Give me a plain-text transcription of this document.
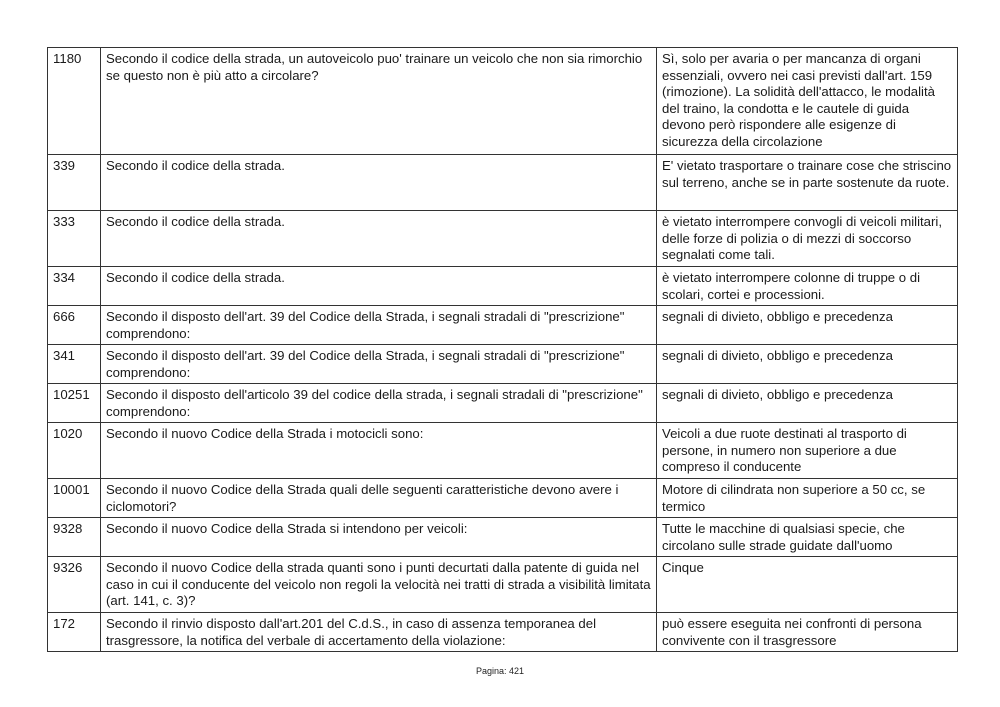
1180	Secondo il codice della strada, un autoveicolo puo' trainare un veicolo che non sia rimorchio se questo non è più atto a circolare?	Sì, solo per avaria o per mancanza di organi essenziali, ovvero nei casi previsti dall'art. 159 (rimozione). La solidità dell'attacco, le modalità del traino, la condotta e le cautele di guida devono però rispondere alle esigenze di sicurezza della circolazione
339	Secondo il codice della strada.	E' vietato trasportare o trainare cose che striscino sul terreno, anche se in parte sostenute da ruote.
333	Secondo il codice della strada.	è vietato interrompere convogli di veicoli militari, delle forze di polizia o di mezzi di soccorso segnalati come tali.
334	Secondo il codice della strada.	è vietato interrompere colonne di truppe o di scolari, cortei e processioni.
666	Secondo il disposto dell'art. 39 del Codice della Strada, i segnali stradali di "prescrizione" comprendono:	segnali di divieto, obbligo e precedenza
341	Secondo il disposto dell'art. 39 del Codice della Strada, i segnali stradali di "prescrizione" comprendono:	segnali di divieto, obbligo e precedenza
10251	Secondo il disposto dell'articolo 39 del codice della strada, i segnali stradali di "prescrizione" comprendono:	segnali di divieto, obbligo e precedenza
1020	Secondo il nuovo Codice della Strada i motocicli sono:	Veicoli a due ruote destinati al trasporto di persone, in numero non superiore a due compreso il conducente
10001	Secondo il nuovo Codice della Strada quali delle seguenti caratteristiche devono avere i ciclomotori?	Motore di cilindrata non superiore a 50 cc, se termico
9328	Secondo il nuovo Codice della Strada si intendono per veicoli:	Tutte le macchine di qualsiasi specie, che circolano sulle strade guidate dall'uomo
9326	Secondo il nuovo Codice della strada quanti sono i punti decurtati dalla patente di guida nel caso in cui il conducente del veicolo non regoli la velocità nei tratti di strada a visibilità limitata (art. 141, c. 3)?	Cinque
172	Secondo il rinvio disposto dall'art.201 del C.d.S., in caso di assenza temporanea del trasgressore, la notifica del verbale di accertamento della violazione:	può essere eseguita nei confronti di persona convivente con il trasgressore
Pagina: 421
